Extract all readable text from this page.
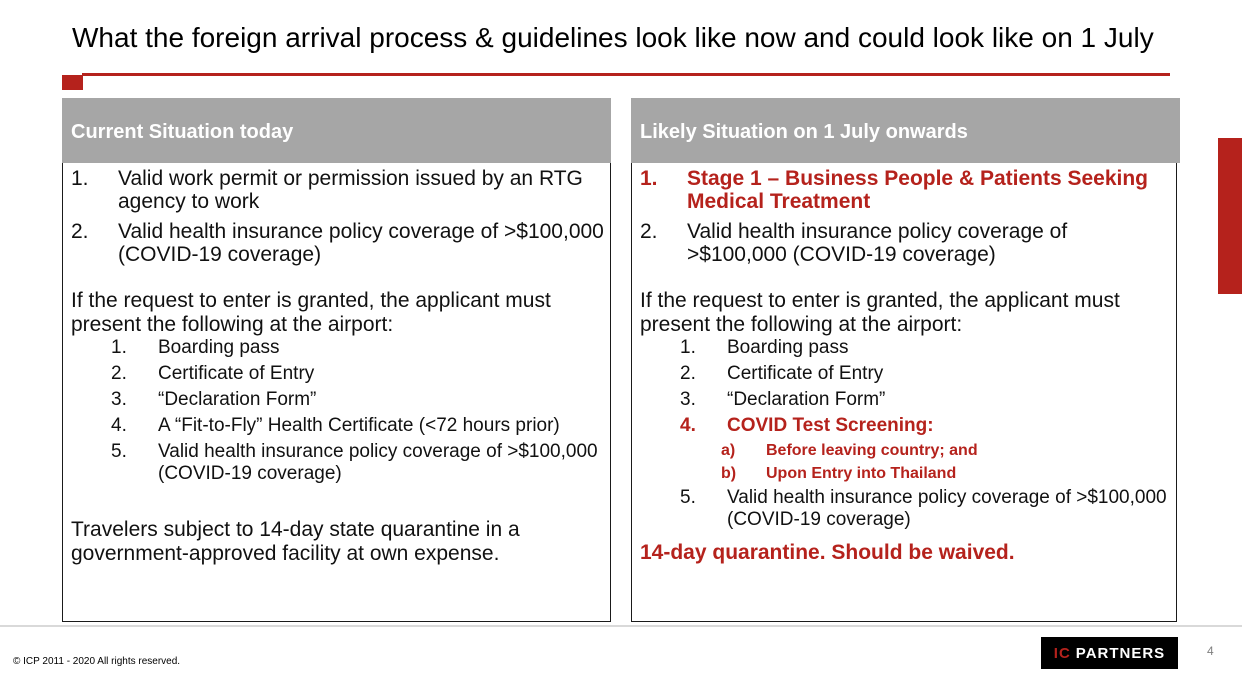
What the foreign arrival process & guidelines look like now and could look like on 1 July
Current Situation today
1.	Valid work permit or permission issued by an RTG agency to work
2.	Valid health insurance policy coverage of >$100,000 (COVID-19 coverage)
If the request to enter is granted, the applicant must present the following at the airport:
1.	Boarding pass
2.	Certificate of Entry
3.	“Declaration Form”
4.	A “Fit-to-Fly” Health Certificate (<72 hours prior)
5.	Valid health insurance policy coverage of >$100,000 (COVID-19 coverage)
Travelers subject to 14-day state quarantine in a government-approved facility at own expense.
Likely Situation on 1 July onwards
1.	Stage 1 – Business People & Patients Seeking Medical Treatment
2.	Valid health insurance policy coverage of >$100,000 (COVID-19 coverage)
If the request to enter is granted, the applicant must present the following at the airport:
1.	Boarding pass
2.	Certificate of Entry
3.	“Declaration Form”
4.	COVID Test Screening:
a)	Before leaving country; and
b)	Upon Entry into Thailand
5.	Valid health insurance policy coverage of >$100,000 (COVID-19 coverage)
14-day quarantine. Should be waived.
© ICP 2011 - 2020 All rights reserved.	IC PARTNERS	4
